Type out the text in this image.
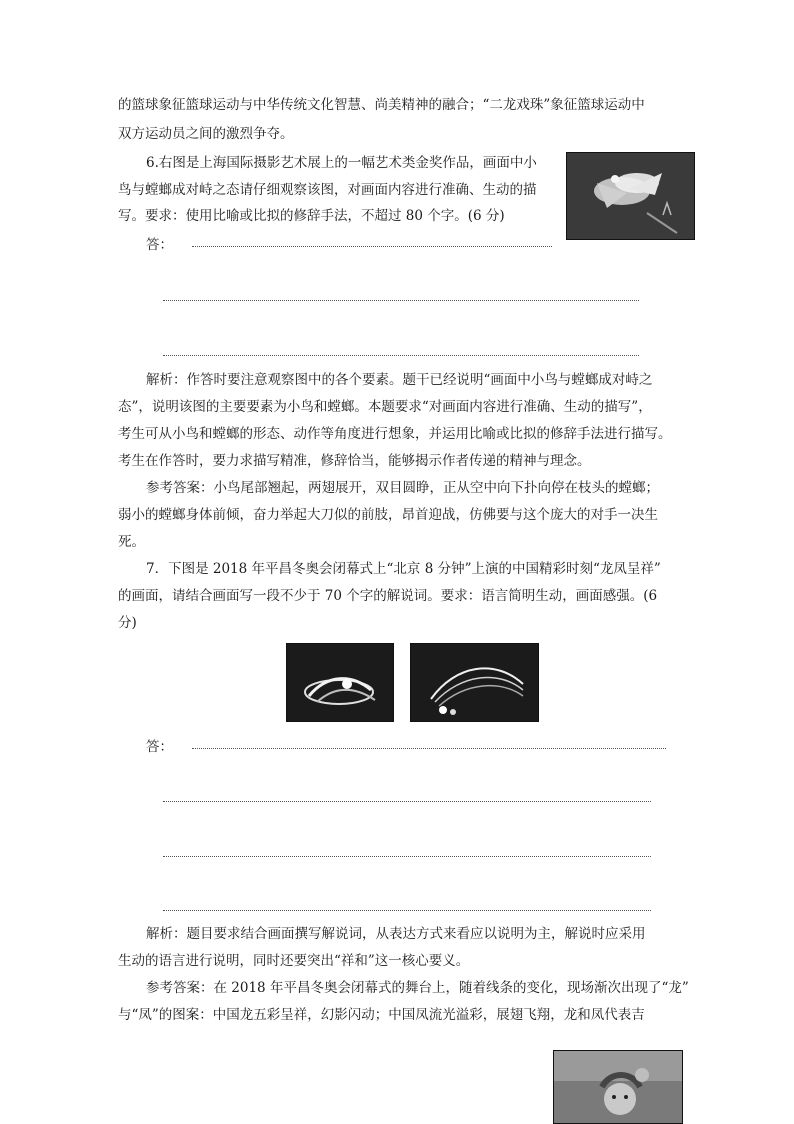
的篮球象征篮球运动与中华传统文化智慧、尚美精神的融合；“二龙戏珠”象征篮球运动中
双方运动员之间的激烈争夺。
6.右图是上海国际摄影艺术展上的一幅艺术类金奖作品，画面中小
鸟与螳螂成对峙之态请仔细观察该图，对画面内容进行准确、生动的描
写。要求：使用比喻或比拟的修辞手法，不超过 80 个字。(6 分)
答：
解析：作答时要注意观察图中的各个要素。题干已经说明“画面中小鸟与螳螂成对峙之
态”，说明该图的主要要素为小鸟和螳螂。本题要求“对画面内容进行准确、生动的描写”，
考生可从小鸟和螳螂的形态、动作等角度进行想象，并运用比喻或比拟的修辞手法进行描写。
考生在作答时，要力求描写精准，修辞恰当，能够揭示作者传递的精神与理念。
参考答案：小鸟尾部翘起，两翅展开，双目圆睁，正从空中向下扑向停在枝头的螳螂；
弱小的螳螂身体前倾，奋力举起大刀似的前肢，昂首迎战，仿佛要与这个庞大的对手一决生
死。
7．下图是 2018 年平昌冬奥会闭幕式上“北京 8 分钟”上演的中国精彩时刻“龙凤呈祥”
的画面，请结合画面写一段不少于 70 个字的解说词。要求：语言简明生动，画面感强。(6
分)
答：
解析：题目要求结合画面撰写解说词，从表达方式来看应以说明为主，解说时应采用
生动的语言进行说明，同时还要突出“祥和”这一核心要义。
参考答案：在 2018 年平昌冬奥会闭幕式的舞台上，随着线条的变化，现场渐次出现了“龙”
与“凤”的图案：中国龙五彩呈祥，幻影闪动；中国凤流光溢彩，展翅飞翔，龙和凤代表吉
